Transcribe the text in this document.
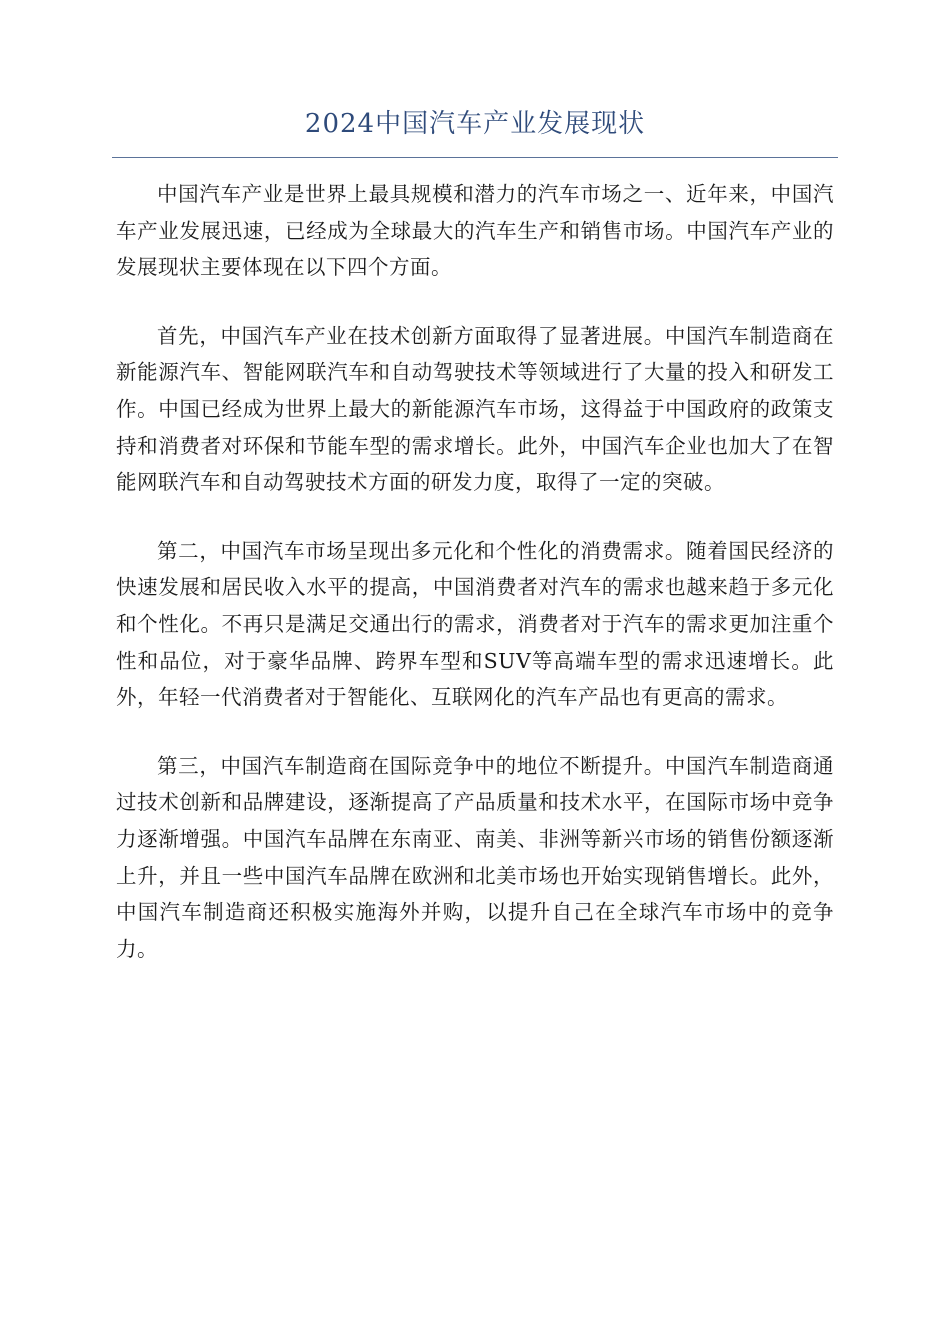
2024中国汽车产业发展现状

中国汽车产业是世界上最具规模和潜力的汽车市场之一、近年来，中国汽车产业发展迅速，已经成为全球最大的汽车生产和销售市场。中国汽车产业的发展现状主要体现在以下四个方面。

首先，中国汽车产业在技术创新方面取得了显著进展。中国汽车制造商在新能源汽车、智能网联汽车和自动驾驶技术等领域进行了大量的投入和研发工作。中国已经成为世界上最大的新能源汽车市场，这得益于中国政府的政策支持和消费者对环保和节能车型的需求增长。此外，中国汽车企业也加大了在智能网联汽车和自动驾驶技术方面的研发力度，取得了一定的突破。

第二，中国汽车市场呈现出多元化和个性化的消费需求。随着国民经济的快速发展和居民收入水平的提高，中国消费者对汽车的需求也越来趋于多元化和个性化。不再只是满足交通出行的需求，消费者对于汽车的需求更加注重个性和品位，对于豪华品牌、跨界车型和SUV等高端车型的需求迅速增长。此外，年轻一代消费者对于智能化、互联网化的汽车产品也有更高的需求。

第三，中国汽车制造商在国际竞争中的地位不断提升。中国汽车制造商通过技术创新和品牌建设，逐渐提高了产品质量和技术水平，在国际市场中竞争力逐渐增强。中国汽车品牌在东南亚、南美、非洲等新兴市场的销售份额逐渐上升，并且一些中国汽车品牌在欧洲和北美市场也开始实现销售增长。此外，中国汽车制造商还积极实施海外并购，以提升自己在全球汽车市场中的竞争力。
